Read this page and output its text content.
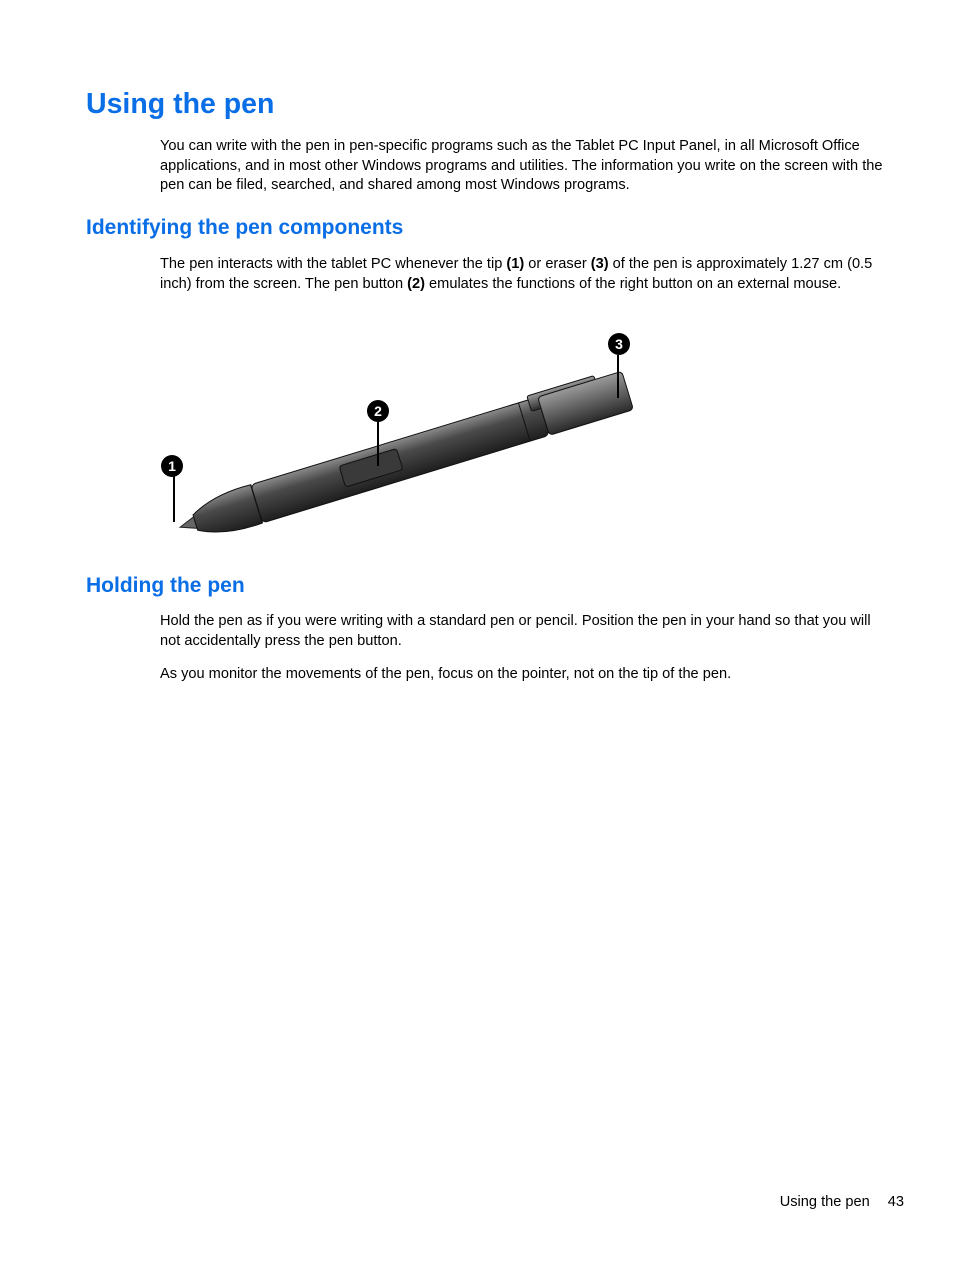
Using the pen

You can write with the pen in pen-specific programs such as the Tablet PC Input Panel, in all Microsoft Office applications, and in most other Windows programs and utilities. The information you write on the screen with the pen can be filed, searched, and shared among most Windows programs.

Identifying the pen components

The pen interacts with the tablet PC whenever the tip (1) or eraser (3) of the pen is approximately 1.27 cm (0.5 inch) from the screen. The pen button (2) emulates the functions of the right button on an external mouse.

1
2
3
Holding the pen

Hold the pen as if you were writing with a standard pen or pencil. Position the pen in your hand so that you will not accidentally press the pen button.

As you monitor the movements of the pen, focus on the pointer, not on the tip of the pen.

Using the pen 43
